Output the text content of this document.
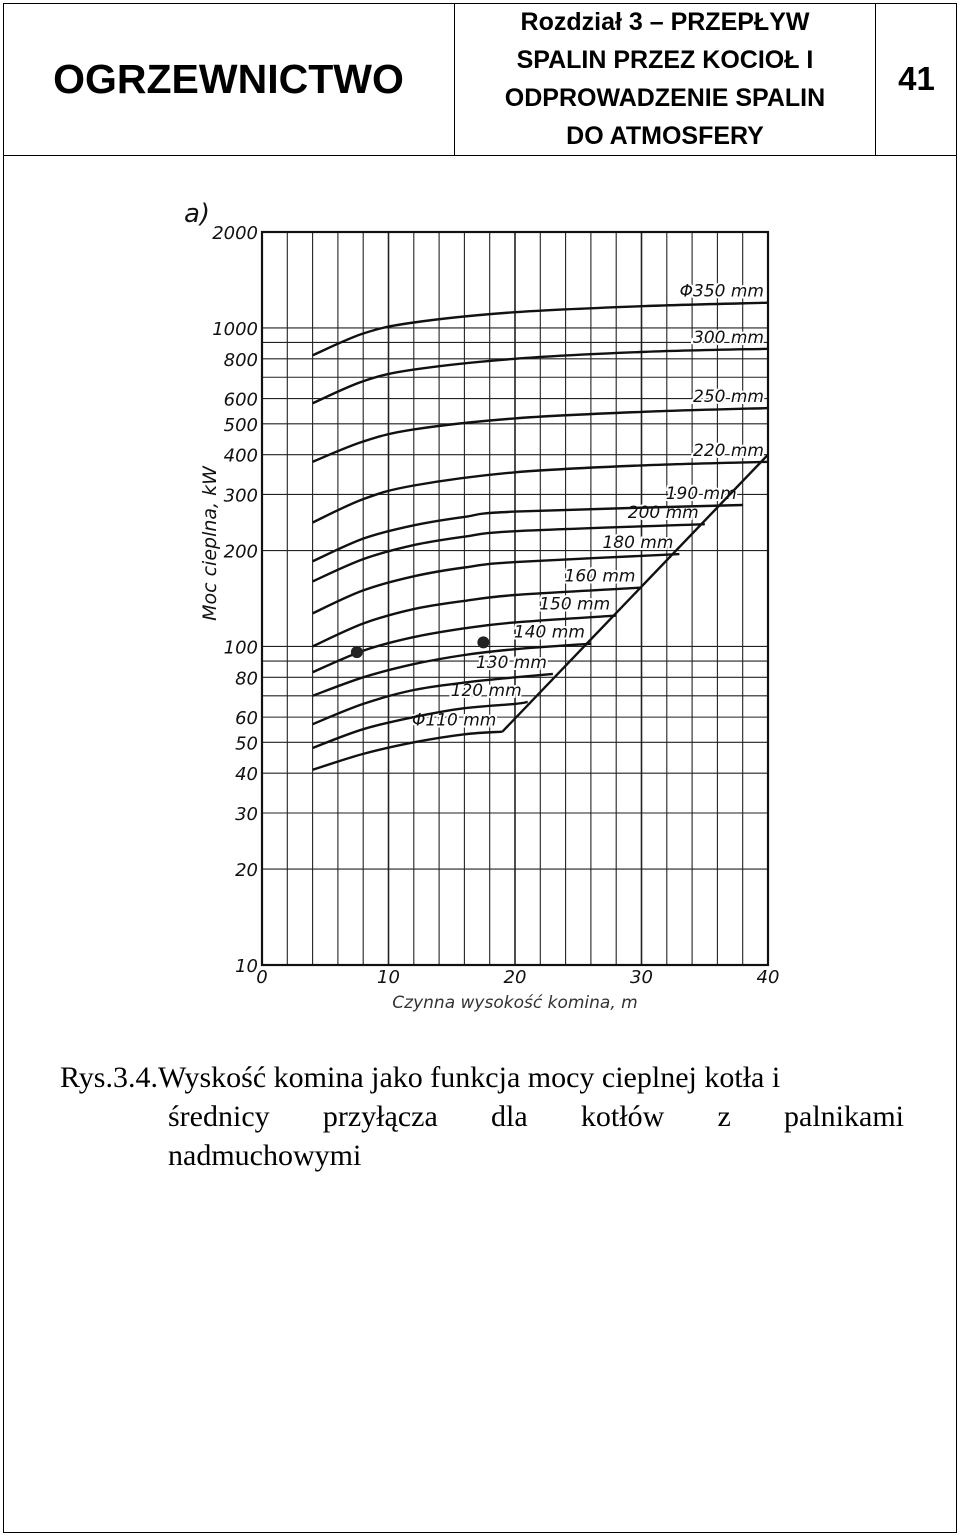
OGRZEWNICTWO
Rozdział 3 – PRZEPŁYW
SPALIN PRZEZ KOCIOŁ I
ODPROWADZENIE SPALIN
DO ATMOSFERY
41
a)
2000
1000
800
600
500
400
300
200
100
80
60
50
40
30
20
10
0	10	20	30	40
Czynna wysokość komina, m
Moc cieplna, kW
Φ110 mm
120 mm
130 mm
140 mm
150 mm
160 mm
180 mm
200 mm
190 mm
220 mm
250 mm
300 mm
Φ350 mm
Rys.3.4.Wyskość komina jako funkcja mocy cieplnej kotła i
średnicy przyłącza dla kotłów z palnikami
nadmuchowymi
